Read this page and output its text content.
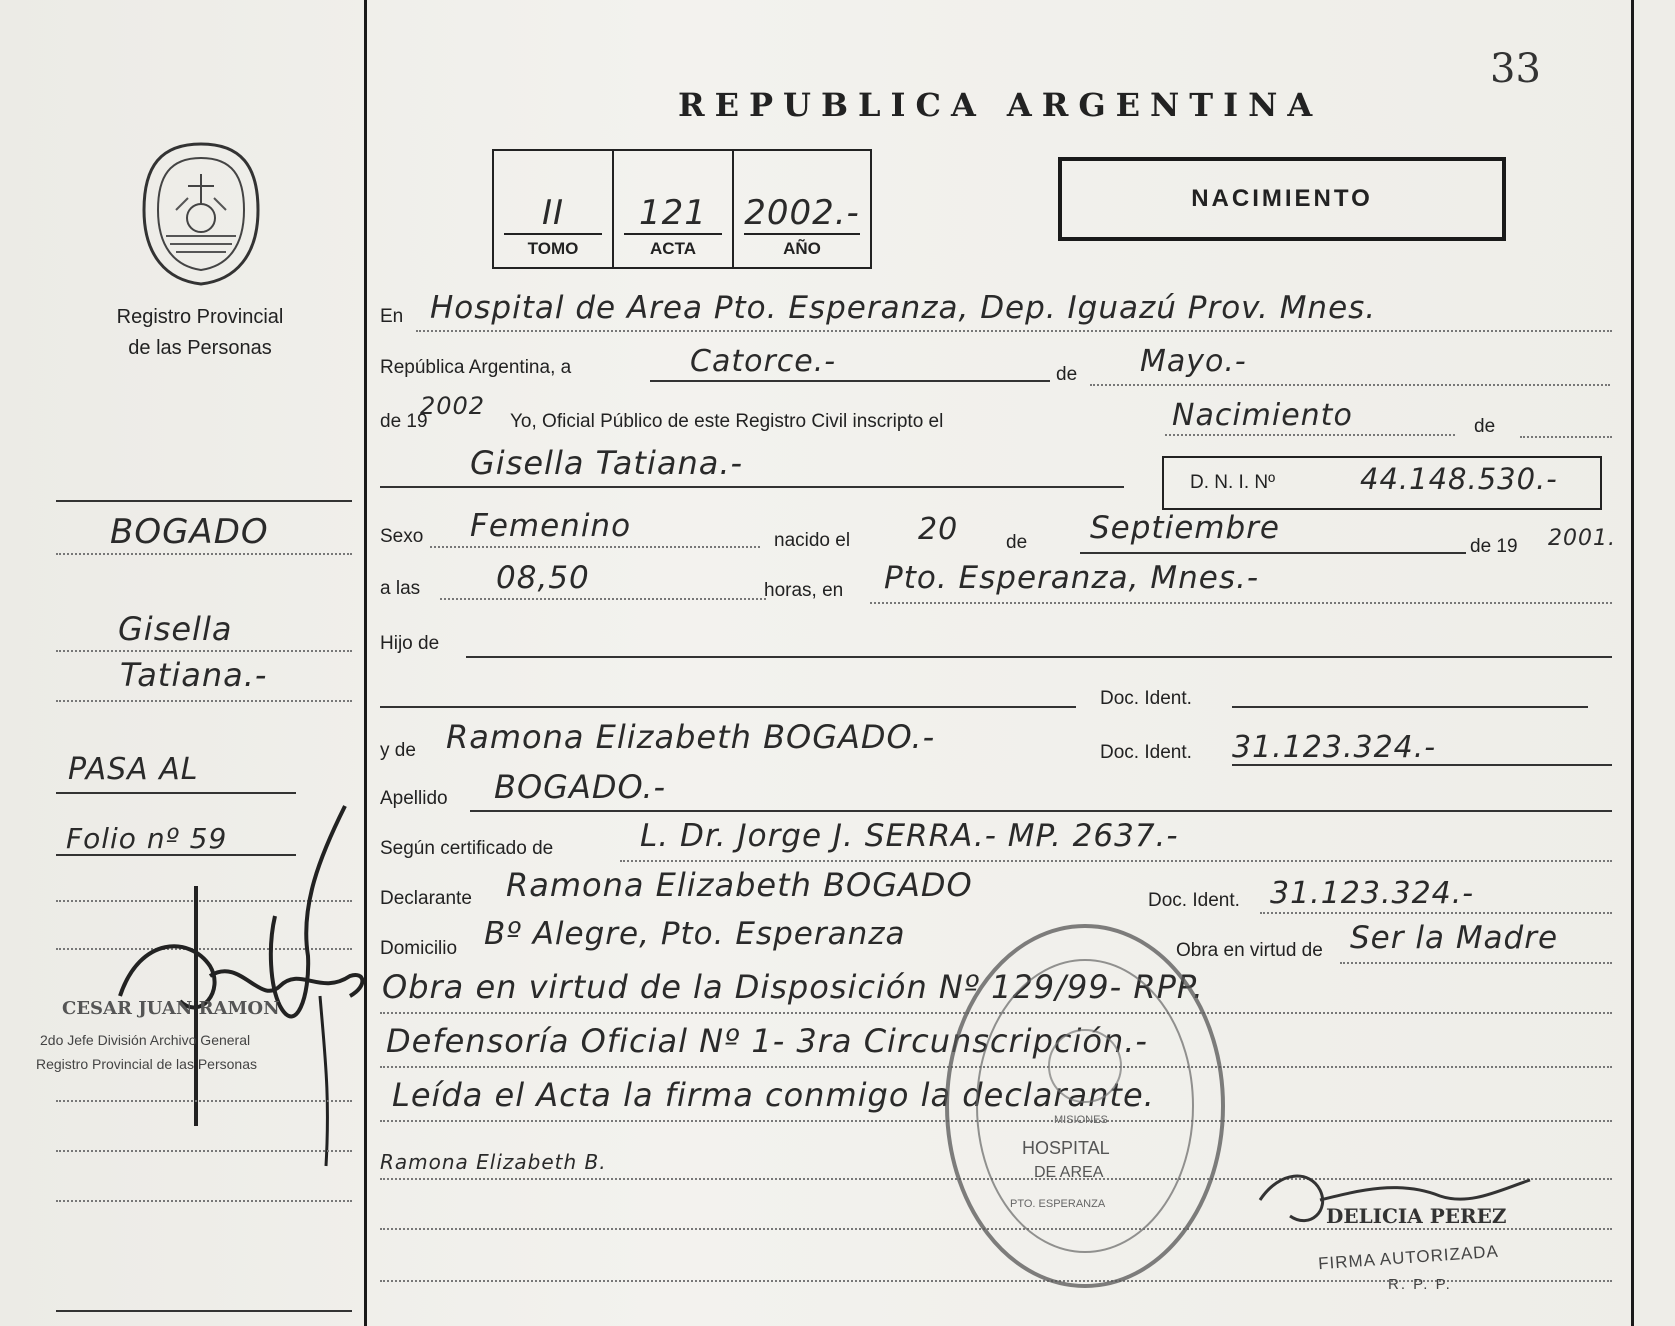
33
REPUBLICA ARGENTINA
Registro Provincial
de las Personas
II
TOMO
121
ACTA
2002.-
AÑO
NACIMIENTO
BOGADO
Gisella
Tatiana.-
PASA AL
Folio nº 59
CESAR JUAN RAMON
2do Jefe División Archivo General
Registro Provincial de las Personas
En Hospital de Area Pto. Esperanza, Dep. Iguazú Prov. Mnes.
República Argentina, a	Catorce.-	de Mayo.-
de 19
2002
Yo, Oficial Público de este Registro Civil inscripto el	Nacimiento	de
Gisella Tatiana.-
D. N. I. Nº	44.148.530.-
Sexo Femenino	nacido el 20	de Septiembre
de 19 2001.
a las 08,50	horas, en Pto. Esperanza, Mnes.-
Hijo de
Doc. Ident.
y de Ramona Elizabeth BOGADO.-	Doc. Ident. 31.123.324.-
Apellido BOGADO.-
Según certificado de	L. Dr. Jorge J. SERRA.- MP. 2637.-
Declarante Ramona Elizabeth BOGADO	Doc. Ident. 31.123.324.-
Domicilio Bº Alegre, Pto. Esperanza	Obra en virtud de Ser la Madre
Obra en virtud de la Disposición Nº 129/99- RPP.
Defensoría Oficial Nº 1- 3ra Circunscripción.-
Leída el Acta la firma conmigo la declarante.
Ramona Elizabeth B.
HOSPITAL
DE AREA
PTO. ESPERANZA
MISIONES
DELICIA PEREZ
FIRMA AUTORIZADA
R. P. P.
